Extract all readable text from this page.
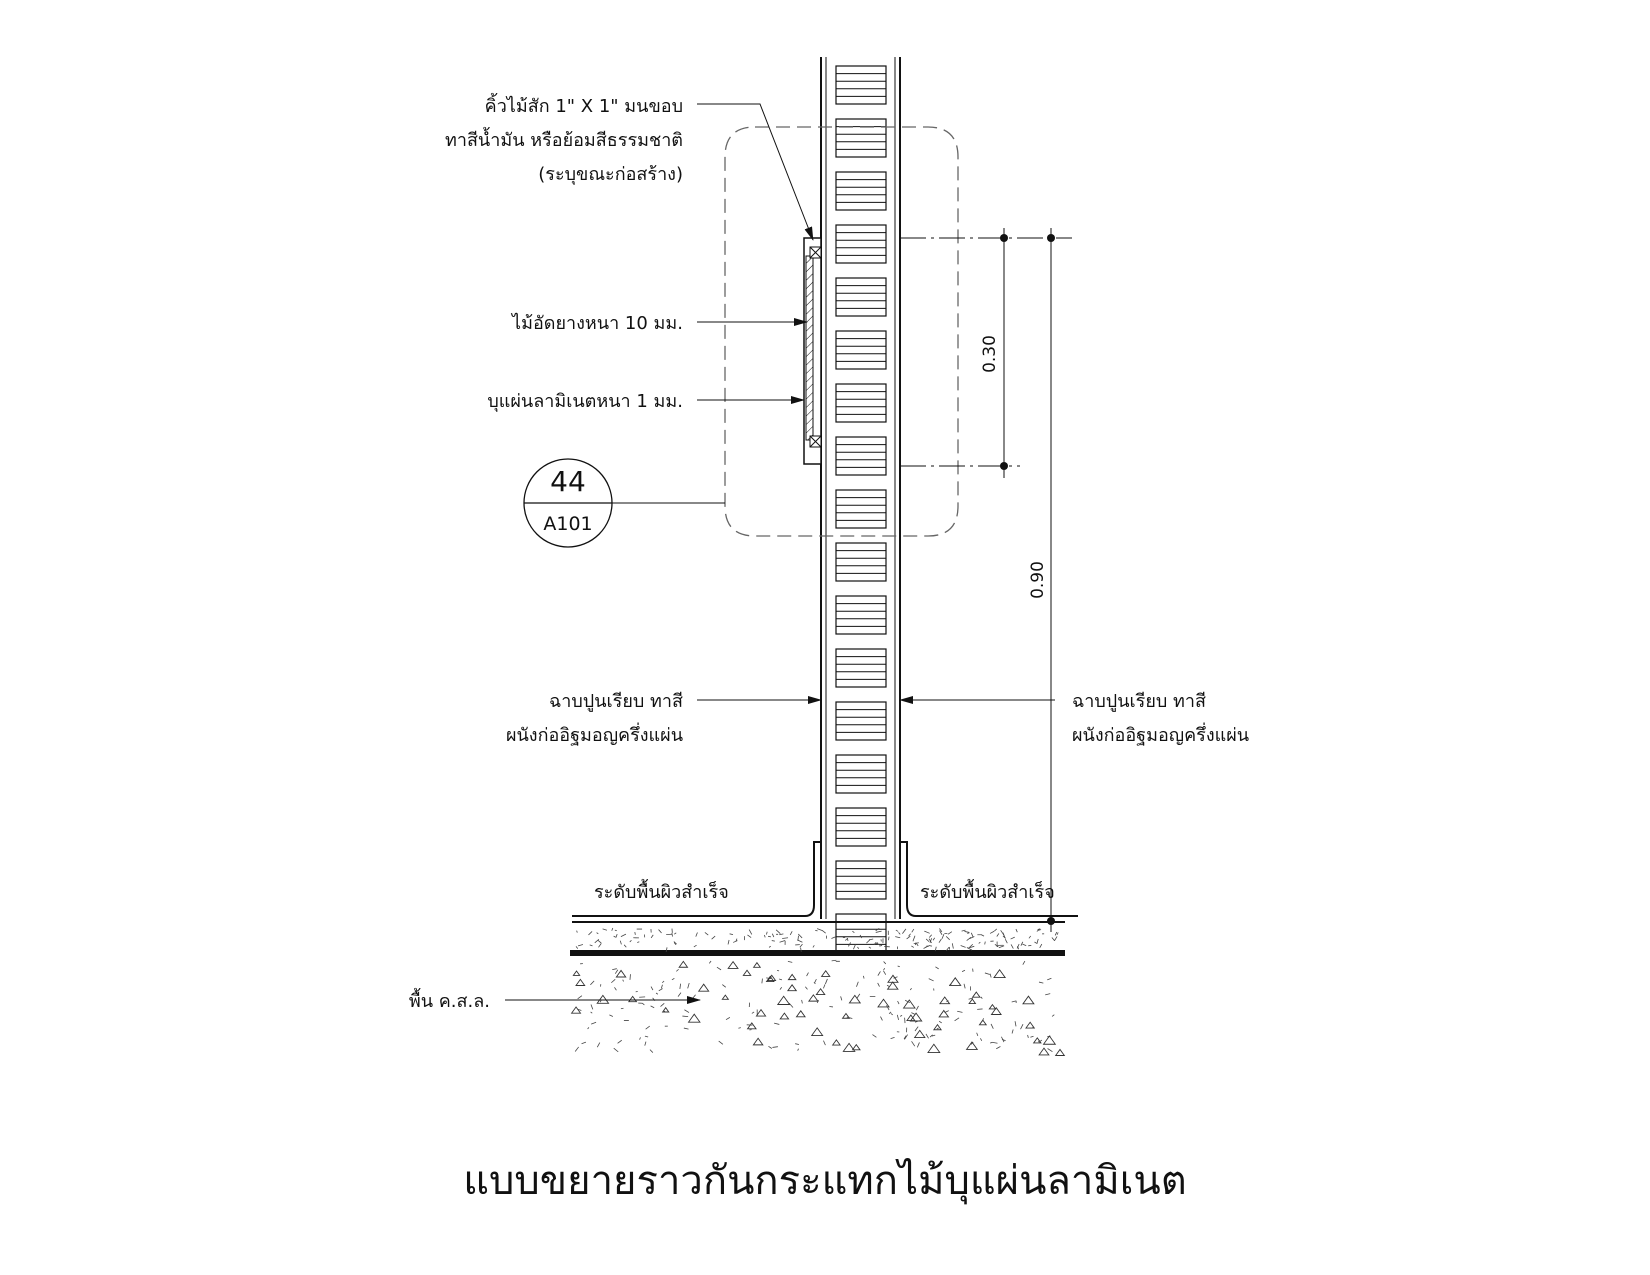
44
A101
0.30
0.90
คิ้วไม้สัก 1" X 1" มนขอบ
ทาสีน้ำมัน หรือย้อมสีธรรมชาติ
(ระบุขณะก่อสร้าง)
ไม้อัดยางหนา 10 มม.
บุแผ่นลามิเนตหนา 1 มม.
ฉาบปูนเรียบ ทาสี
ผนังก่ออิฐมอญครึ่งแผ่น
ฉาบปูนเรียบ ทาสี
ผนังก่ออิฐมอญครึ่งแผ่น
ระดับพื้นผิวสำเร็จ	ระดับพื้นผิวสำเร็จ
พื้น ค.ส.ล.
แบบขยายราวกันกระแทกไม้บุแผ่นลามิเนต
